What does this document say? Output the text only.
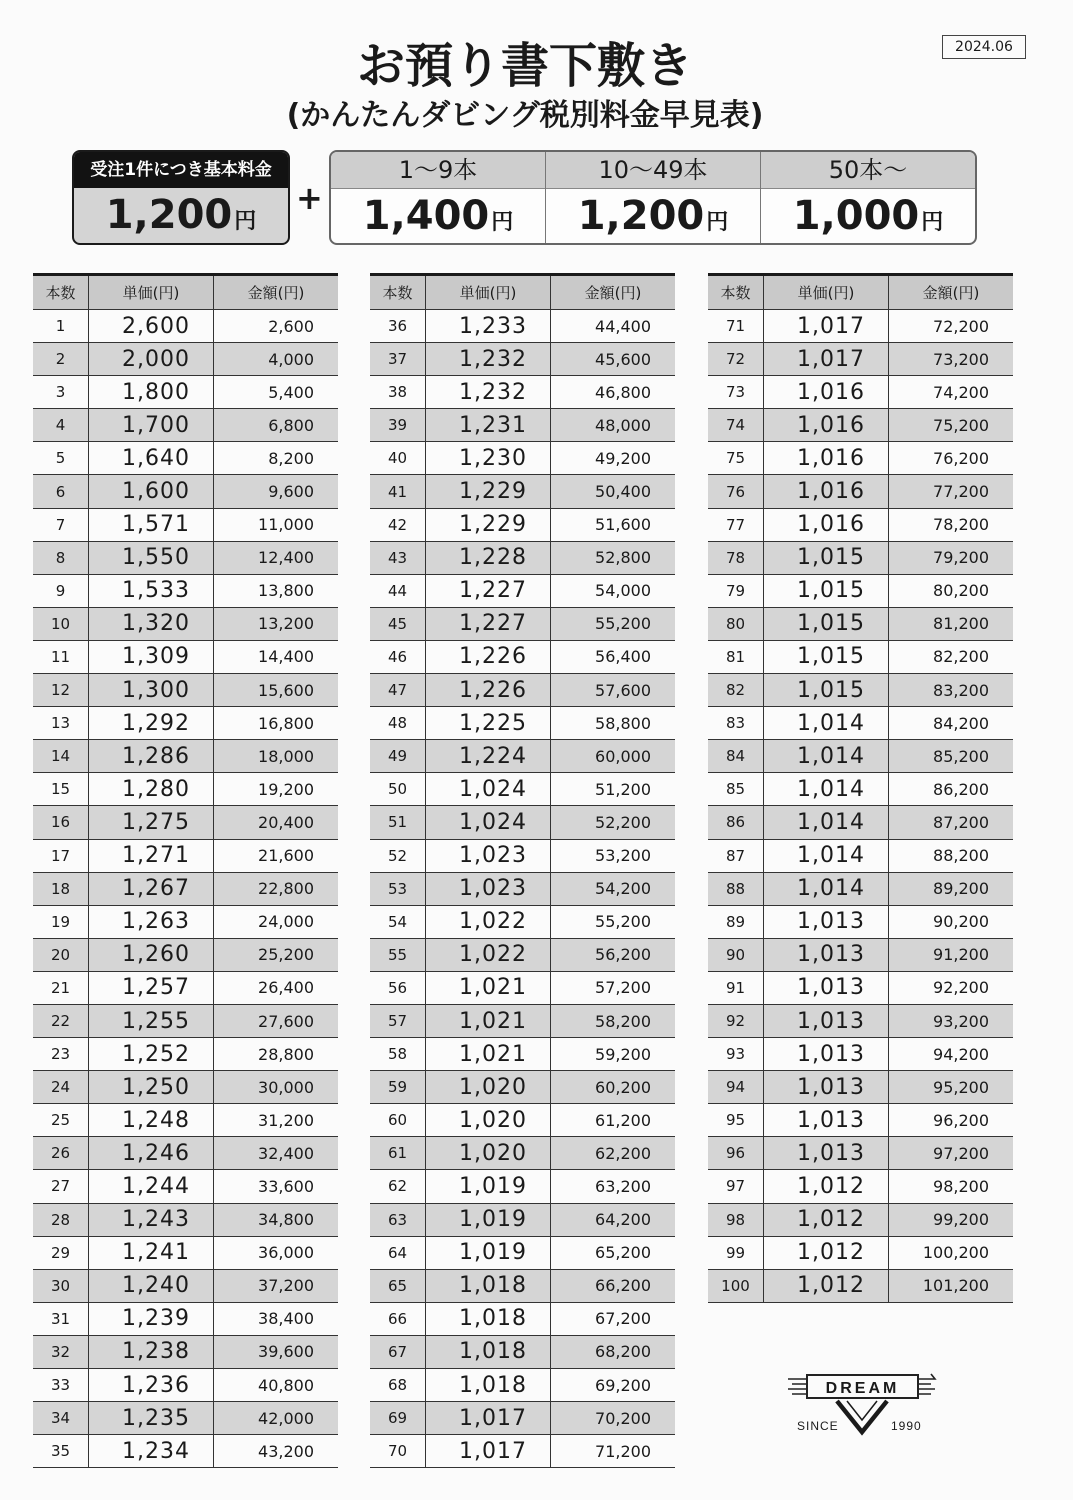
お預り書下敷き
(かんたんダビング税別料金早見表)
2024.06
受注1件につき基本料金
1,200円
+
1～9本
1,400円
10～49本
1,200円
50本～
1,000円
本数	単価(円)	金額(円)
1	2,600	2,600
2	2,000	4,000
3	1,800	5,400
4	1,700	6,800
5	1,640	8,200
6	1,600	9,600
7	1,571	11,000
8	1,550	12,400
9	1,533	13,800
10	1,320	13,200
11	1,309	14,400
12	1,300	15,600
13	1,292	16,800
14	1,286	18,000
15	1,280	19,200
16	1,275	20,400
17	1,271	21,600
18	1,267	22,800
19	1,263	24,000
20	1,260	25,200
21	1,257	26,400
22	1,255	27,600
23	1,252	28,800
24	1,250	30,000
25	1,248	31,200
26	1,246	32,400
27	1,244	33,600
28	1,243	34,800
29	1,241	36,000
30	1,240	37,200
31	1,239	38,400
32	1,238	39,600
33	1,236	40,800
34	1,235	42,000
35	1,234	43,200
本数	単価(円)	金額(円)
36	1,233	44,400
37	1,232	45,600
38	1,232	46,800
39	1,231	48,000
40	1,230	49,200
41	1,229	50,400
42	1,229	51,600
43	1,228	52,800
44	1,227	54,000
45	1,227	55,200
46	1,226	56,400
47	1,226	57,600
48	1,225	58,800
49	1,224	60,000
50	1,024	51,200
51	1,024	52,200
52	1,023	53,200
53	1,023	54,200
54	1,022	55,200
55	1,022	56,200
56	1,021	57,200
57	1,021	58,200
58	1,021	59,200
59	1,020	60,200
60	1,020	61,200
61	1,020	62,200
62	1,019	63,200
63	1,019	64,200
64	1,019	65,200
65	1,018	66,200
66	1,018	67,200
67	1,018	68,200
68	1,018	69,200
69	1,017	70,200
70	1,017	71,200
本数	単価(円)	金額(円)
71	1,017	72,200
72	1,017	73,200
73	1,016	74,200
74	1,016	75,200
75	1,016	76,200
76	1,016	77,200
77	1,016	78,200
78	1,015	79,200
79	1,015	80,200
80	1,015	81,200
81	1,015	82,200
82	1,015	83,200
83	1,014	84,200
84	1,014	85,200
85	1,014	86,200
86	1,014	87,200
87	1,014	88,200
88	1,014	89,200
89	1,013	90,200
90	1,013	91,200
91	1,013	92,200
92	1,013	93,200
93	1,013	94,200
94	1,013	95,200
95	1,013	96,200
96	1,013	97,200
97	1,012	98,200
98	1,012	99,200
99	1,012	100,200
100	1,012	101,200
DREAM
SINCE	1990
